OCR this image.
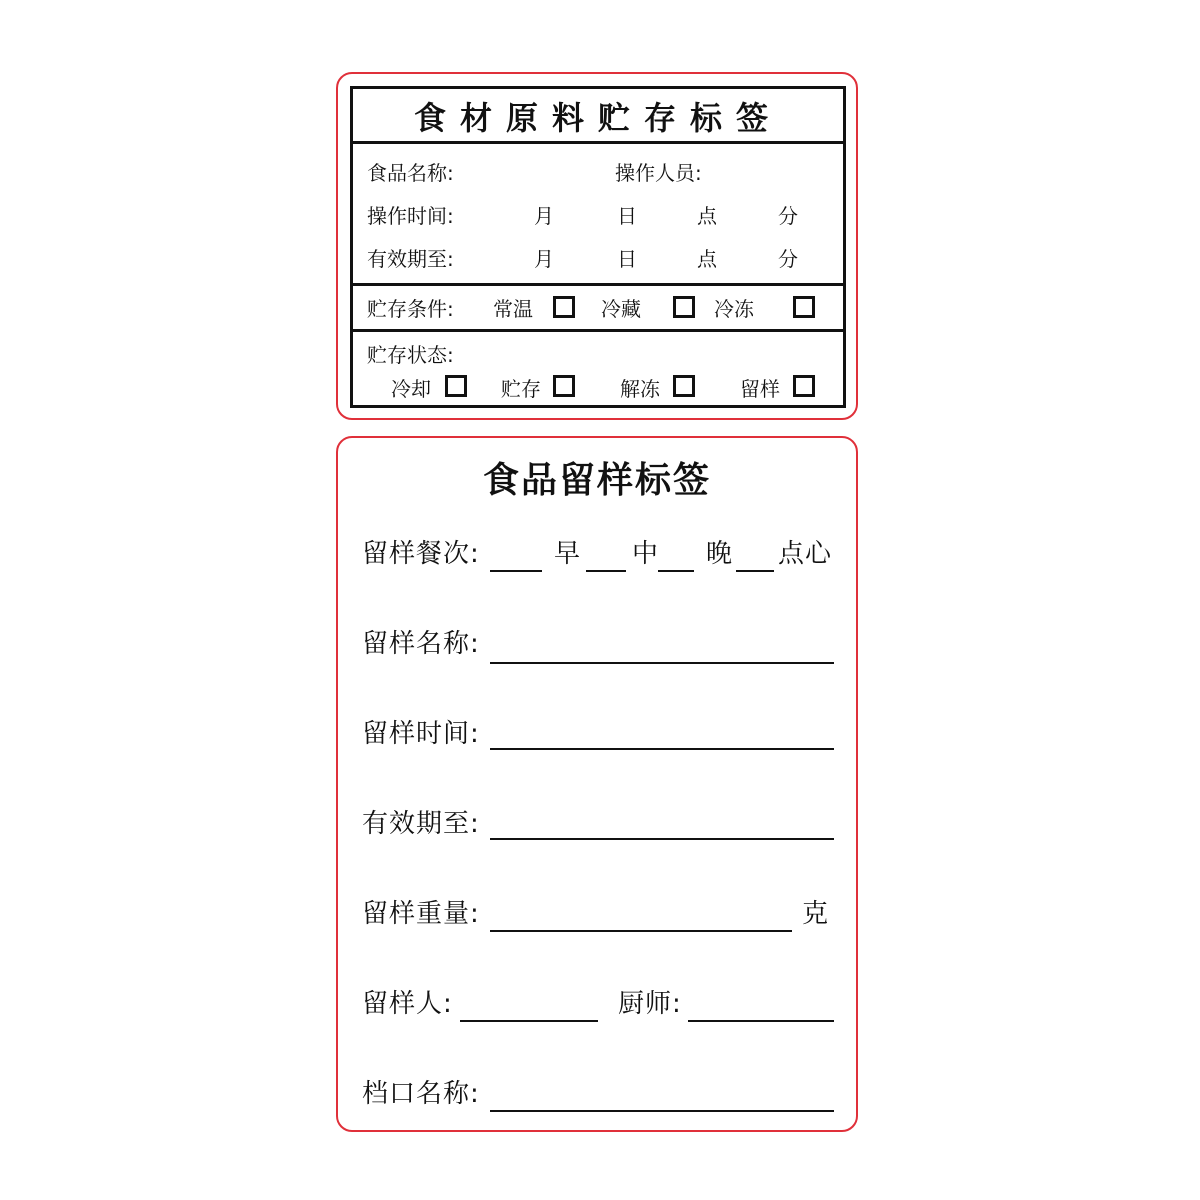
食材原料贮存标签
食品名称:	操作人员:
操作时间:	月	日	点	分
有效期至:	月	日	点	分
贮存条件: 常温	冷藏	冷冻
贮存状态:
冷却	贮存	解冻	留样
食品留样标签
留样餐次:	早 中 晚 点心
留样名称:
留样时间:
有效期至:
留样重量:	克
留样人:	厨师:
档口名称:
